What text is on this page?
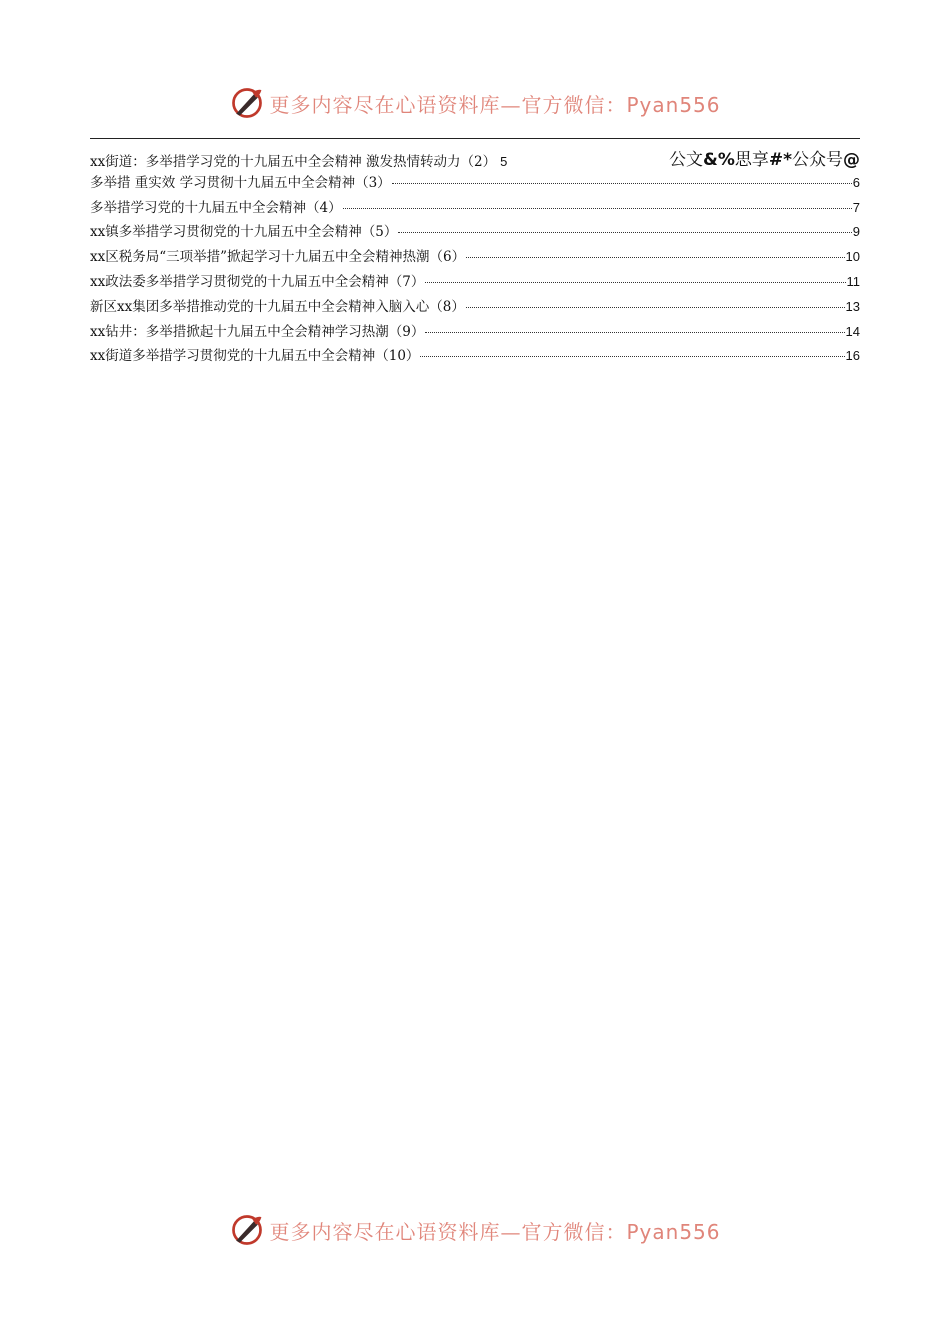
更多内容尽在心语资料库—官方微信：Pyan556
xx街道：多举措学习党的十九届五中全会精神 激发热情转动力（2） 5	公文&%思享#*公众号@
多举措 重实效 学习贯彻十九届五中全会精神（3）	6
多举措学习党的十九届五中全会精神（4）	7
xx镇多举措学习贯彻党的十九届五中全会精神（5）	9
xx区税务局“三项举措”掀起学习十九届五中全会精神热潮（6）	10
xx政法委多举措学习贯彻党的十九届五中全会精神（7）	11
新区xx集团多举措推动党的十九届五中全会精神入脑入心（8）	13
xx钻井：多举措掀起十九届五中全会精神学习热潮（9）	14
xx街道多举措学习贯彻党的十九届五中全会精神（10）	16
更多内容尽在心语资料库—官方微信：Pyan556
